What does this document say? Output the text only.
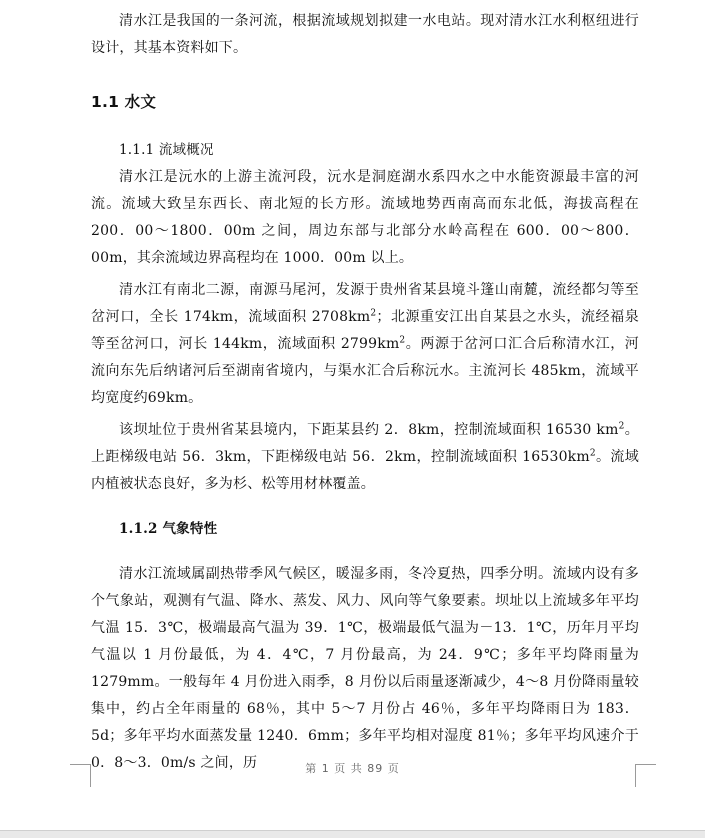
清水江是我国的一条河流，根据流域规划拟建一水电站。现对清水江水利枢纽进行设计，其基本资料如下。

1.1 水文
1.1.1 流域概况

清水江是沅水的上游主流河段，沅水是洞庭湖水系四水之中水能资源最丰富的河流。流域大致呈东西长、南北短的长方形。流域地势西南高而东北低，海拔高程在200．00～1800．00m 之间，周边东部与北部分水岭高程在 600．00～800．00m，其余流域边界高程均在 1000．00m 以上。

清水江有南北二源，南源马尾河，发源于贵州省某县境斗篷山南麓，流经都匀等至岔河口，全长 174km，流域面积 $2708km^2$；北源重安江出自某县之水头，流经福泉等至岔河口，河长 144km，流域面积 $2799km^2$。两源于岔河口汇合后称清水江，河流向东先后纳诸河后至湖南省境内，与渠水汇合后称沅水。主流河长 485km，流域平均宽度约69km。

该坝址位于贵州省某县境内，下距某县约 2．8km，控制流域面积 16530 $km^2$。上距梯级电站 56．3km，下距梯级电站 56．2km，控制流域面积 $16530km^2$。流域内植被状态良好，多为杉、松等用材林覆盖。

1.1.2 气象特性

清水江流域属副热带季风气候区，暖湿多雨，冬冷夏热，四季分明。流域内设有多个气象站，观测有气温、降水、蒸发、风力、风向等气象要素。坝址以上流域多年平均气温 15．3℃，极端最高气温为 39．1℃，极端最低气温为－13．1℃，历年月平均气温以 1 月份最低，为 4．4℃，7 月份最高，为 24．9℃；多年平均降雨量为 1279mm。一般每年 4 月份进入雨季，8 月份以后雨量逐渐减少，4～8 月份降雨量较集中，约占全年雨量的 68％，其中 5～7 月份占 46％，多年平均降雨日为 183．5d；多年平均水面蒸发量 1240．6mm；多年平均相对湿度 81％；多年平均风速介于 0．8～3．0m/s 之间，历	第 1 页 共 89 页
